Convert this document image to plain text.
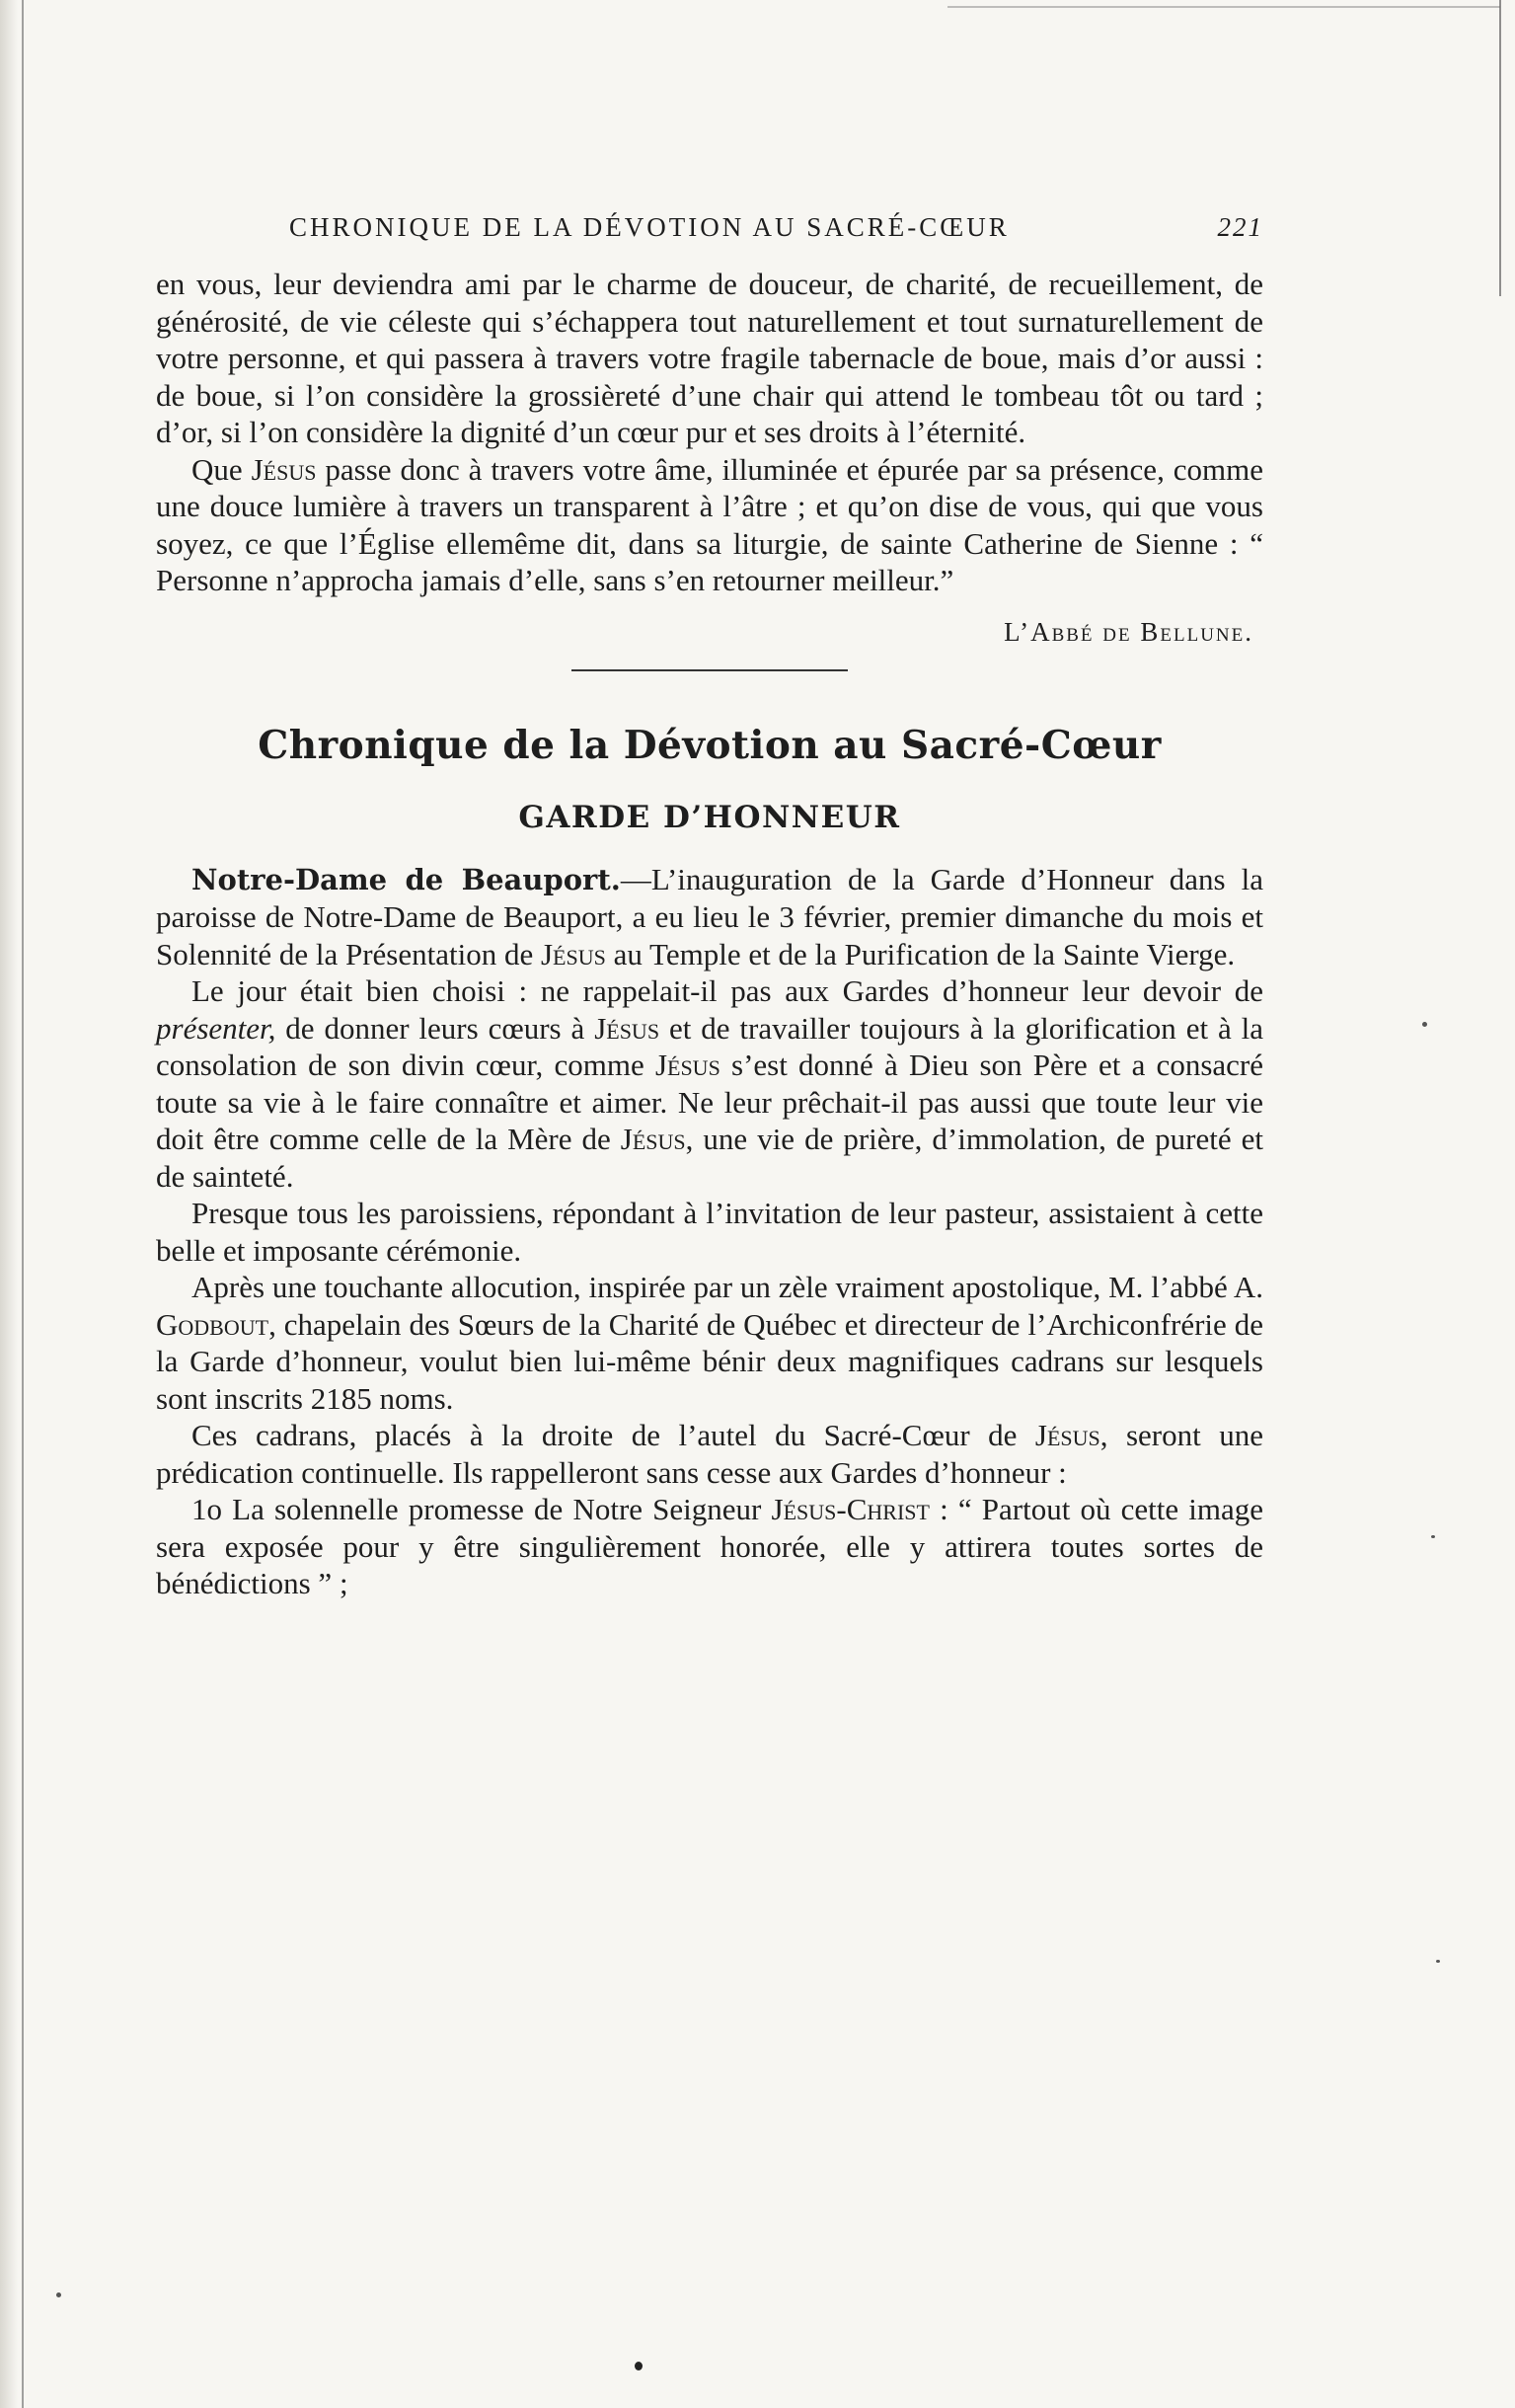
CHRONIQUE DE LA DÉVOTION AU SACRÉ-CŒUR	221

en vous, leur deviendra ami par le charme de douceur, de charité, de recueillement, de générosité, de vie céleste qui s’échappera tout naturellement et tout surnaturellement de votre personne, et qui passera à travers votre fragile tabernacle de boue, mais d’or aussi : de boue, si l’on considère la grossièreté d’une chair qui attend le tombeau tôt ou tard ; d’or, si l’on considère la dignité d’un cœur pur et ses droits à l’éternité.

Que Jésus passe donc à travers votre âme, illuminée et épurée par sa présence, comme une douce lumière à travers un transparent à l’âtre ; et qu’on dise de vous, qui que vous soyez, ce que l’Église ellemême dit, dans sa liturgie, de sainte Catherine de Sienne : “ Personne n’approcha jamais d’elle, sans s’en retourner meilleur.”

L’Abbé de Bellune.
Chronique de la Dévotion au Sacré-Cœur
GARDE D’HONNEUR

Notre-Dame de Beauport.—L’inauguration de la Garde d’Honneur dans la paroisse de Notre-Dame de Beauport, a eu lieu le 3 février, premier dimanche du mois et Solennité de la Présentation de Jésus au Temple et de la Purification de la Sainte Vierge.

Le jour était bien choisi : ne rappelait-il pas aux Gardes d’honneur leur devoir de présenter, de donner leurs cœurs à Jésus et de travailler toujours à la glorification et à la consolation de son divin cœur, comme Jésus s’est donné à Dieu son Père et a consacré toute sa vie à le faire connaître et aimer. Ne leur prêchait-il pas aussi que toute leur vie doit être comme celle de la Mère de Jésus, une vie de prière, d’immolation, de pureté et de sainteté.

Presque tous les paroissiens, répondant à l’invitation de leur pasteur, assistaient à cette belle et imposante cérémonie.

Après une touchante allocution, inspirée par un zèle vraiment apostolique, M. l’abbé A. Godbout, chapelain des Sœurs de la Charité de Québec et directeur de l’Archiconfrérie de la Garde d’honneur, voulut bien lui-même bénir deux magnifiques cadrans sur lesquels sont inscrits 2185 noms.

Ces cadrans, placés à la droite de l’autel du Sacré-Cœur de Jésus, seront une prédication continuelle. Ils rappelleront sans cesse aux Gardes d’honneur :

1o La solennelle promesse de Notre Seigneur Jésus-Christ : “ Partout où cette image sera exposée pour y être singulièrement honorée, elle y attirera toutes sortes de bénédictions ” ;
